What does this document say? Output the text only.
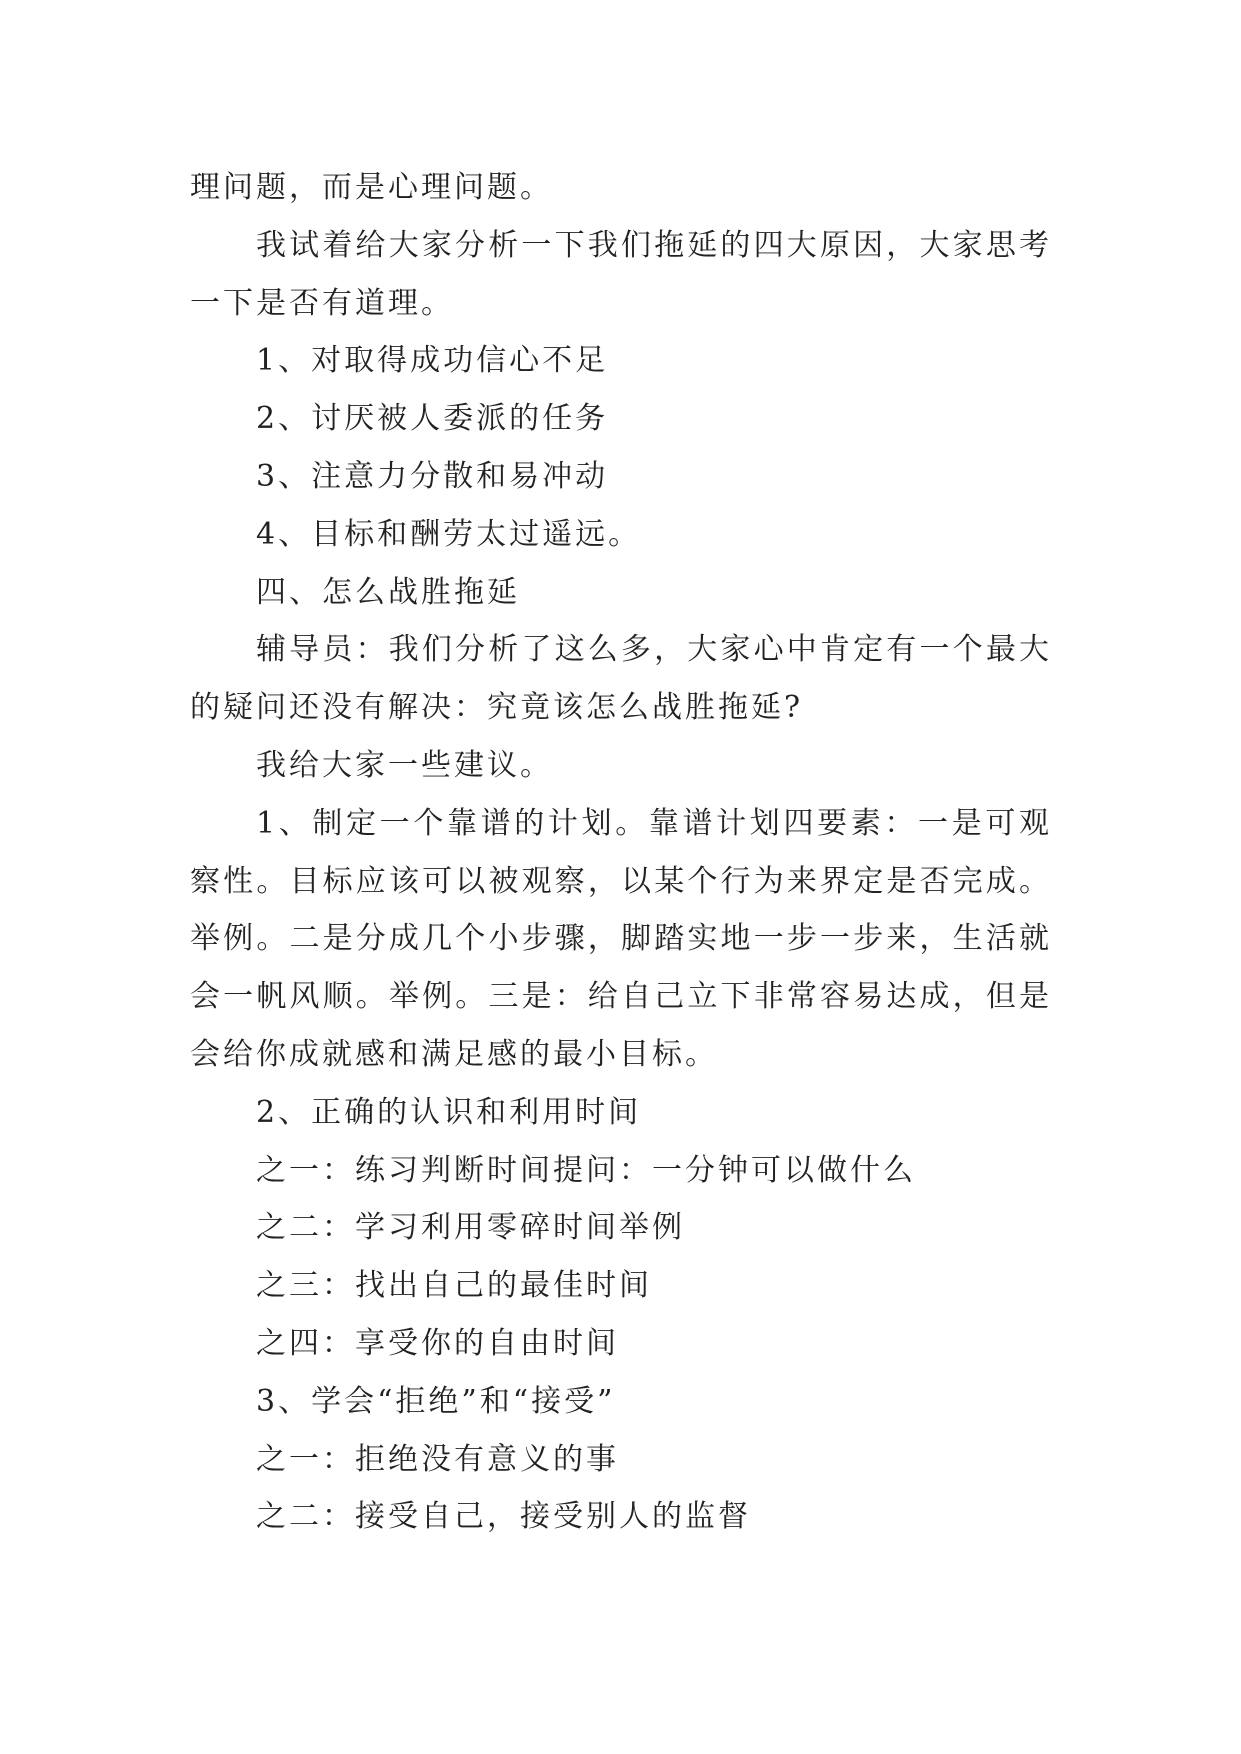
理问题，而是心理问题。

我试着给大家分析一下我们拖延的四大原因，大家思考一下是否有道理。

1、对取得成功信心不足

2、讨厌被人委派的任务

3、注意力分散和易冲动

4、目标和酬劳太过遥远。

四、怎么战胜拖延

辅导员：我们分析了这么多，大家心中肯定有一个最大的疑问还没有解决：究竟该怎么战胜拖延?

我给大家一些建议。

1、制定一个靠谱的计划。靠谱计划四要素：一是可观察性。目标应该可以被观察，以某个行为来界定是否完成。举例。二是分成几个小步骤，脚踏实地一步一步来，生活就会一帆风顺。举例。三是：给自己立下非常容易达成，但是会给你成就感和满足感的最小目标。

2、正确的认识和利用时间

之一：练习判断时间提问：一分钟可以做什么

之二：学习利用零碎时间举例

之三：找出自己的最佳时间

之四：享受你的自由时间

3、学会“拒绝”和“接受”

之一：拒绝没有意义的事

之二：接受自己，接受别人的监督
